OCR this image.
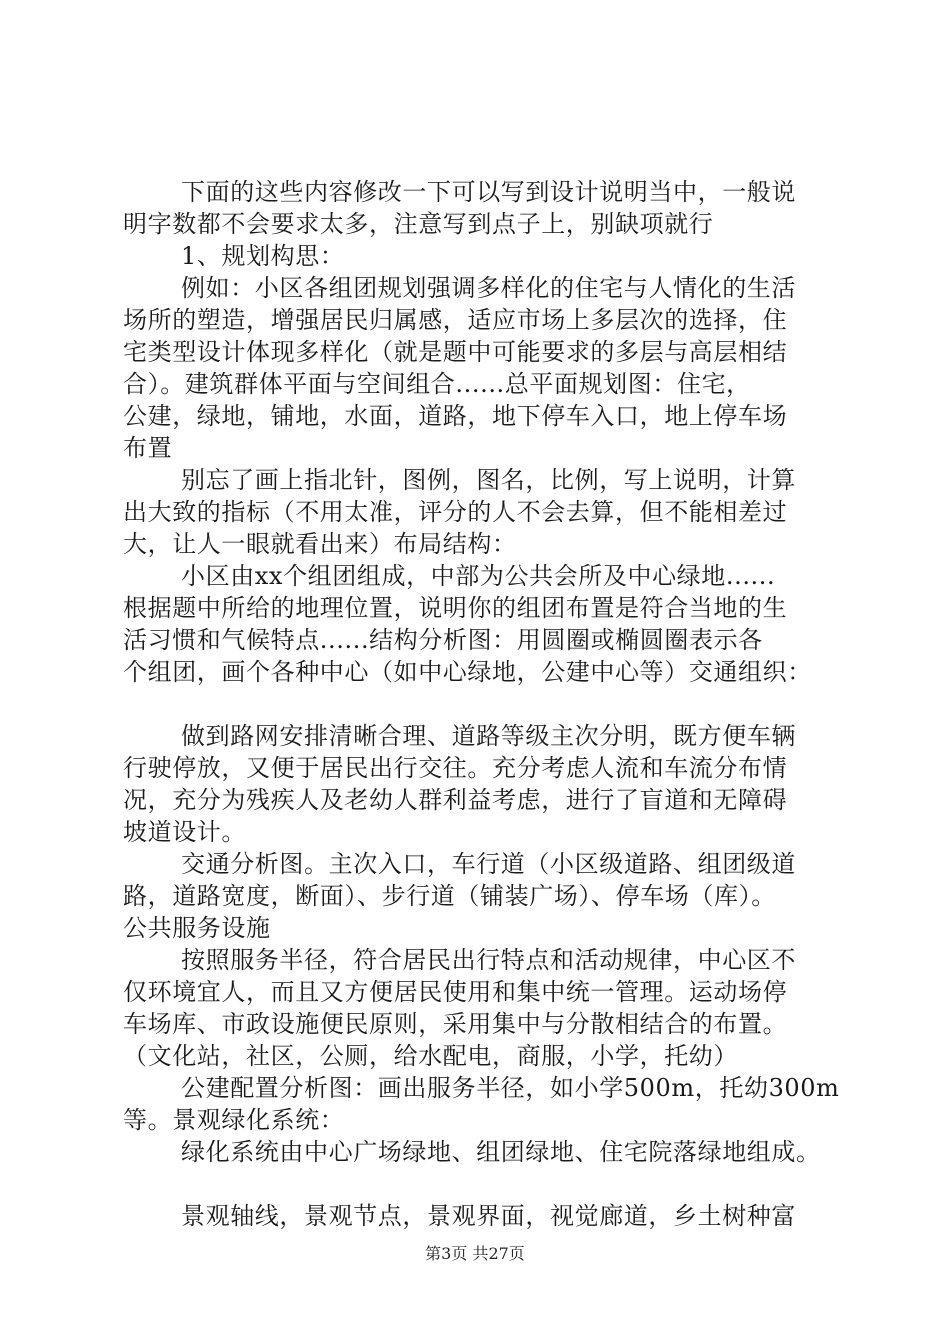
下面的这些内容修改一下可以写到设计说明当中，一般说
明字数都不会要求太多，注意写到点子上，别缺项就行
1、规划构思：
例如：小区各组团规划强调多样化的住宅与人情化的生活
场所的塑造，增强居民归属感，适应市场上多层次的选择，住
宅类型设计体现多样化（就是题中可能要求的多层与高层相结
合）。建筑群体平面与空间组合......总平面规划图：住宅，
公建，绿地，铺地，水面，道路，地下停车入口，地上停车场
布置
别忘了画上指北针，图例，图名，比例，写上说明，计算
出大致的指标（不用太准，评分的人不会去算，但不能相差过
大，让人一眼就看出来）布局结构：
小区由xx个组团组成，中部为公共会所及中心绿地......
根据题中所给的地理位置，说明你的组团布置是符合当地的生
活习惯和气候特点......结构分析图：用圆圈或椭圆圈表示各
个组团，画个各种中心（如中心绿地，公建中心等）交通组织：
做到路网安排清晰合理、道路等级主次分明，既方便车辆
行驶停放，又便于居民出行交往。充分考虑人流和车流分布情
况，充分为残疾人及老幼人群利益考虑，进行了盲道和无障碍
坡道设计。
交通分析图。主次入口，车行道（小区级道路、组团级道
路，道路宽度，断面）、步行道（铺装广场）、停车场（库）。
公共服务设施
按照服务半径，符合居民出行特点和活动规律，中心区不
仅环境宜人，而且又方便居民使用和集中统一管理。运动场停
车场库、市政设施便民原则，采用集中与分散相结合的布置。
（文化站，社区，公厕，给水配电，商服，小学，托幼）
公建配置分析图：画出服务半径，如小学500m，托幼300m
等。景观绿化系统：
绿化系统由中心广场绿地、组团绿地、住宅院落绿地组成。
景观轴线，景观节点，景观界面，视觉廊道，乡土树种富
第3页 共27页
